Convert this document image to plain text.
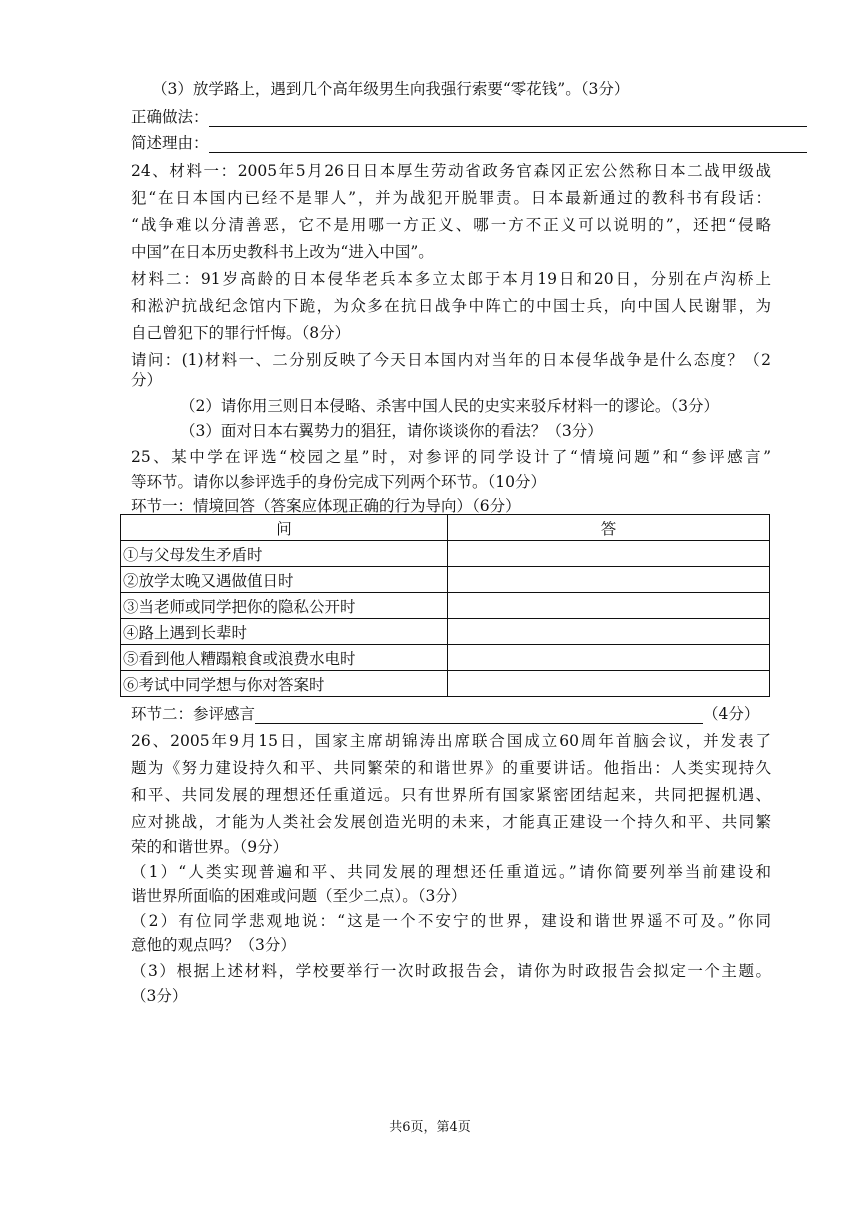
（3）放学路上，遇到几个高年级男生向我强行索要“零花钱”。（3分）
正确做法：
简述理由：
24、材料一：2005年5月26日日本厚生劳动省政务官森冈正宏公然称日本二战甲级战
犯“在日本国内已经不是罪人”，并为战犯开脱罪责。日本最新通过的教科书有段话：
“战争难以分清善恶，它不是用哪一方正义、哪一方不正义可以说明的”，还把“侵略
中国”在日本历史教科书上改为“进入中国”。
材料二：91岁高龄的日本侵华老兵本多立太郎于本月19日和20日，分别在卢沟桥上
和淞沪抗战纪念馆内下跪，为众多在抗日战争中阵亡的中国士兵，向中国人民谢罪，为
自己曾犯下的罪行忏悔。（8分）
请问：(1)材料一、二分别反映了今天日本国内对当年的日本侵华战争是什么态度？（2
分）
（2）请你用三则日本侵略、杀害中国人民的史实来驳斥材料一的谬论。（3分）
（3）面对日本右翼势力的猖狂，请你谈谈你的看法？（3分）
25、某中学在评选“校园之星”时，对参评的同学设计了“情境问题”和“参评感言”
等环节。请你以参评选手的身份完成下列两个环节。（10分）
环节一：情境回答（答案应体现正确的行为导向）（6分）
问	答
①与父母发生矛盾时	
②放学太晚又遇做值日时	
③当老师或同学把你的隐私公开时	
④路上遇到长辈时	
⑤看到他人糟蹋粮食或浪费水电时	
⑥考试中同学想与你对答案时	
环节二：参评感言	（4分）
26、2005年9月15日，国家主席胡锦涛出席联合国成立60周年首脑会议，并发表了
题为《努力建设持久和平、共同繁荣的和谐世界》的重要讲话。他指出：人类实现持久
和平、共同发展的理想还任重道远。只有世界所有国家紧密团结起来，共同把握机遇、
应对挑战，才能为人类社会发展创造光明的未来，才能真正建设一个持久和平、共同繁
荣的和谐世界。（9分）
（1）“人类实现普遍和平、共同发展的理想还任重道远。”请你简要列举当前建设和
谐世界所面临的困难或问题（至少二点）。（3分）
（2）有位同学悲观地说：“这是一个不安宁的世界，建设和谐世界遥不可及。”你同
意他的观点吗？（3分）
（3）根据上述材料，学校要举行一次时政报告会，请你为时政报告会拟定一个主题。
（3分）
共6页，第4页
